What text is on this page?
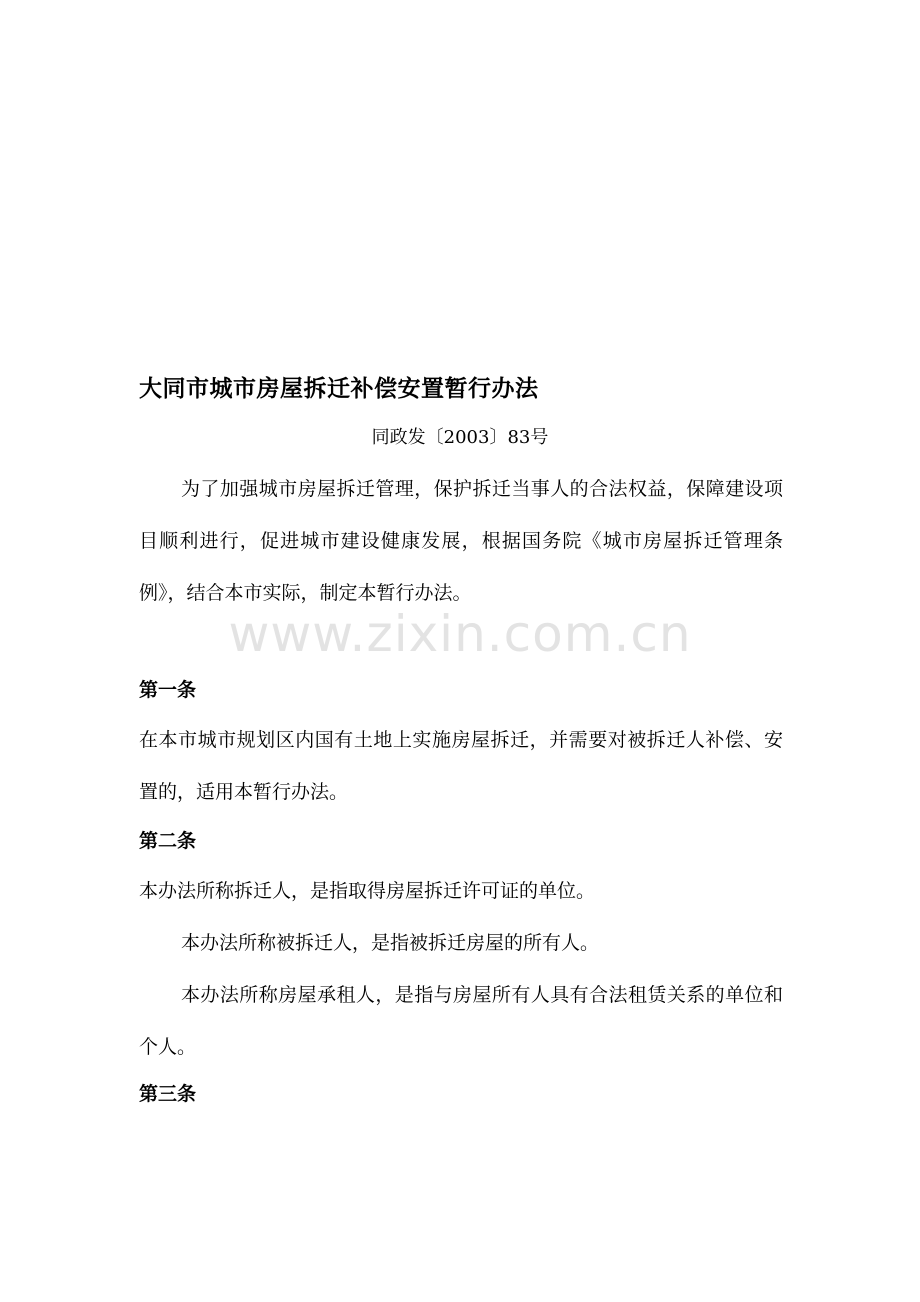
大同市城市房屋拆迁补偿安置暂行办法
同政发〔2003〕83号
为了加强城市房屋拆迁管理，保护拆迁当事人的合法权益，保障建设项目顺利进行，促进城市建设健康发展，根据国务院《城市房屋拆迁管理条例》，结合本市实际，制定本暂行办法。
www.zixin.com.cn
第一条
在本市城市规划区内国有土地上实施房屋拆迁，并需要对被拆迁人补偿、安置的，适用本暂行办法。
第二条
本办法所称拆迁人，是指取得房屋拆迁许可证的单位。
本办法所称被拆迁人，是指被拆迁房屋的所有人。
本办法所称房屋承租人，是指与房屋所有人具有合法租赁关系的单位和个人。
第三条
